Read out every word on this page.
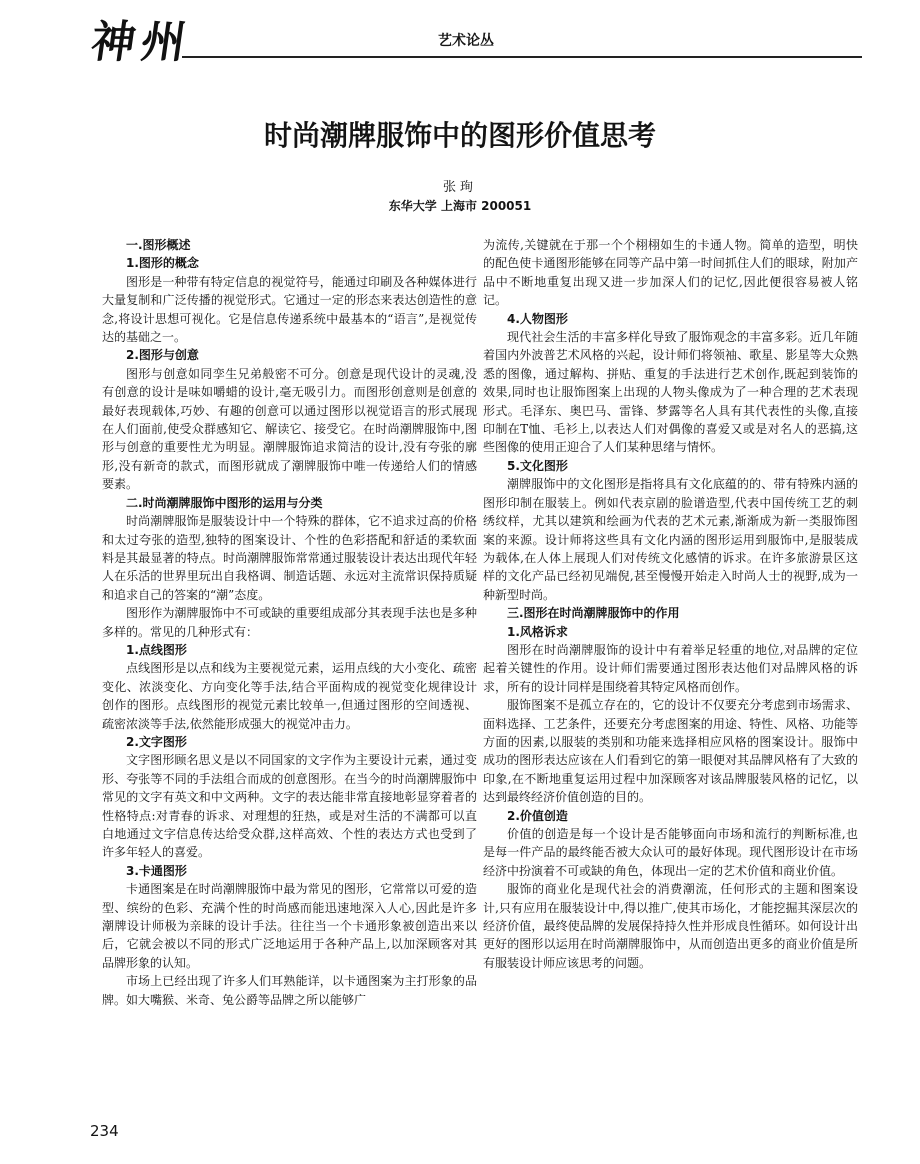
神州	艺术论丛
时尚潮牌服饰中的图形价值思考
张珣
东华大学 上海市 200051
一.图形概述
1.图形的概念

图形是一种带有特定信息的视觉符号，能通过印刷及各种媒体进行大量复制和广泛传播的视觉形式。它通过一定的形态来表达创造性的意念,将设计思想可视化。它是信息传递系统中最基本的“语言”,是视觉传达的基础之一。

2.图形与创意

图形与创意如同孪生兄弟般密不可分。创意是现代设计的灵魂,没有创意的设计是味如嚼蜡的设计,毫无吸引力。而图形创意则是创意的最好表现载体,巧妙、有趣的创意可以通过图形以视觉语言的形式展现在人们面前,使受众群感知它、解读它、接受它。在时尚潮牌服饰中,图形与创意的重要性尤为明显。潮牌服饰追求简洁的设计,没有夸张的廓形,没有新奇的款式，而图形就成了潮牌服饰中唯一传递给人们的情感要素。

二.时尚潮牌服饰中图形的运用与分类

时尚潮牌服饰是服装设计中一个特殊的群体，它不追求过高的价格和太过夸张的造型,独特的图案设计、个性的色彩搭配和舒适的柔软面料是其最显著的特点。时尚潮牌服饰常常通过服装设计表达出现代年轻人在乐活的世界里玩出自我格调、制造话题、永远对主流常识保持质疑和追求自己的答案的“潮”态度。

图形作为潮牌服饰中不可或缺的重要组成部分其表现手法也是多种多样的。常见的几种形式有：

1.点线图形

点线图形是以点和线为主要视觉元素，运用点线的大小变化、疏密变化、浓淡变化、方向变化等手法,结合平面构成的视觉变化规律设计创作的图形。点线图形的视觉元素比较单一,但通过图形的空间透视、疏密浓淡等手法,依然能形成强大的视觉冲击力。

2.文字图形

文字图形顾名思义是以不同国家的文字作为主要设计元素，通过变形、夸张等不同的手法组合而成的创意图形。在当今的时尚潮牌服饰中常见的文字有英文和中文两种。文字的表达能非常直接地彰显穿着者的性格特点:对青春的诉求、对理想的狂热，或是对生活的不满都可以直白地通过文字信息传达给受众群,这样高效、个性的表达方式也受到了许多年轻人的喜爱。

3.卡通图形

卡通图案是在时尚潮牌服饰中最为常见的图形，它常常以可爱的造型、缤纷的色彩、充满个性的时尚感而能迅速地深入人心,因此是许多潮牌设计师极为亲睐的设计手法。往往当一个卡通形象被创造出来以后，它就会被以不同的形式广泛地运用于各种产品上,以加深顾客对其品牌形象的认知。

市场上已经出现了许多人们耳熟能详，以卡通图案为主打形象的品牌。如大嘴猴、米奇、兔公爵等品牌之所以能够广

为流传,关键就在于那一个个栩栩如生的卡通人物。简单的造型，明快的配色使卡通图形能够在同等产品中第一时间抓住人们的眼球，附加产品中不断地重复出现又进一步加深人们的记忆,因此便很容易被人铭记。

4.人物图形

现代社会生活的丰富多样化导致了服饰观念的丰富多彩。近几年随着国内外波普艺术风格的兴起，设计师们将领袖、歌星、影星等大众熟悉的图像，通过解构、拼贴、重复的手法进行艺术创作,既起到装饰的效果,同时也让服饰图案上出现的人物头像成为了一种合理的艺术表现形式。毛泽东、奥巴马、雷锋、梦露等名人具有其代表性的头像,直接印制在T恤、毛衫上,以表达人们对偶像的喜爱又或是对名人的恶搞,这些图像的使用正迎合了人们某种思绪与情怀。

5.文化图形

潮牌服饰中的文化图形是指将具有文化底蕴的的、带有特殊内涵的图形印制在服装上。例如代表京剧的脸谱造型,代表中国传统工艺的刺绣纹样，尤其以建筑和绘画为代表的艺术元素,渐渐成为新一类服饰图案的来源。设计师将这些具有文化内涵的图形运用到服饰中,是服装成为载体,在人体上展现人们对传统文化感情的诉求。在许多旅游景区这样的文化产品已经初见端倪,甚至慢慢开始走入时尚人士的视野,成为一种新型时尚。

三.图形在时尚潮牌服饰中的作用
1.风格诉求

图形在时尚潮牌服饰的设计中有着举足轻重的地位,对品牌的定位起着关键性的作用。设计师们需要通过图形表达他们对品牌风格的诉求，所有的设计同样是围绕着其特定风格而创作。

服饰图案不是孤立存在的，它的设计不仅要充分考虑到市场需求、面料选择、工艺条件，还要充分考虑图案的用途、特性、风格、功能等方面的因素,以服装的类别和功能来选择相应风格的图案设计。服饰中成功的图形表达应该在人们看到它的第一眼便对其品牌风格有了大致的印象,在不断地重复运用过程中加深顾客对该品牌服装风格的记忆，以达到最终经济价值创造的目的。

2.价值创造

价值的创造是每一个设计是否能够面向市场和流行的判断标准,也是每一件产品的最终能否被大众认可的最好体现。现代图形设计在市场经济中扮演着不可或缺的角色，体现出一定的艺术价值和商业价值。

服饰的商业化是现代社会的消费潮流，任何形式的主题和图案设计,只有应用在服装设计中,得以推广,使其市场化，才能挖掘其深层次的经济价值，最终使品牌的发展保持持久性并形成良性循环。如何设计出更好的图形以运用在时尚潮牌服饰中，从而创造出更多的商业价值是所有服装设计师应该思考的问题。

234
